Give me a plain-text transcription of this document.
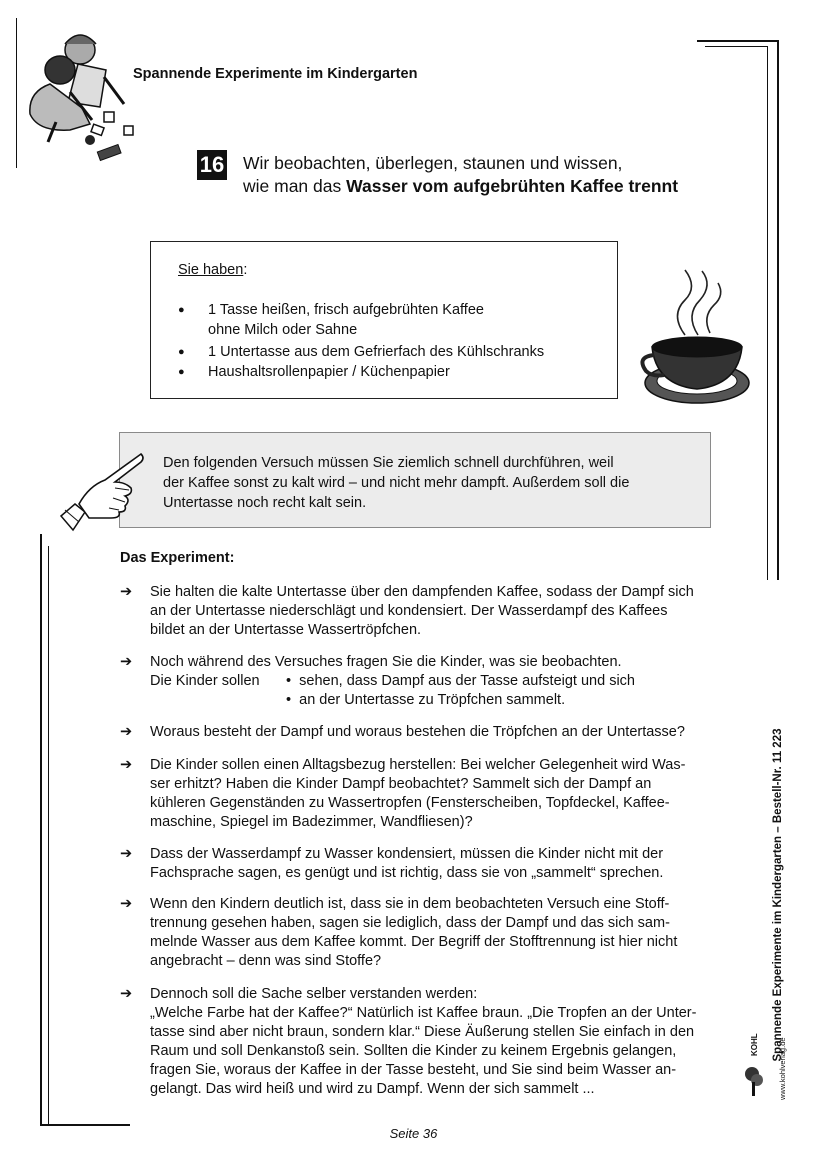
Spannende Experimente im Kindergarten
16 Wir beobachten, überlegen, staunen und wissen,
wie man das Wasser vom aufgebrühten Kaffee trennt
Sie haben:
● 1 Tasse heißen, frisch aufgebrühten Kaffee
ohne Milch oder Sahne
● 1 Untertasse aus dem Gefrierfach des Kühlschranks
● Haushaltsrollenpapier / Küchenpapier
Den folgenden Versuch müssen Sie ziemlich schnell durchführen, weil
der Kaffee sonst zu kalt wird – und nicht mehr dampft. Außerdem soll die
Untertasse noch recht kalt sein.
Das Experiment:
➔ Sie halten die kalte Untertasse über den dampfenden Kaffee, sodass der Dampf sich
an der Untertasse niederschlägt und kondensiert. Der Wasserdampf des Kaffees
bildet an der Untertasse Wassertröpfchen.
➔ Noch während des Versuches fragen Sie die Kinder, was sie beobachten.
Die Kinder sollen •  sehen, dass Dampf aus der Tasse aufsteigt und sich
•  an der Untertasse zu Tröpfchen sammelt.
➔ Woraus besteht der Dampf und woraus bestehen die Tröpfchen an der Untertasse?
➔ Die Kinder sollen einen Alltagsbezug herstellen: Bei welcher Gelegenheit wird Was-
ser erhitzt? Haben die Kinder Dampf beobachtet? Sammelt sich der Dampf an
kühleren Gegenständen zu Wassertropfen (Fensterscheiben, Topfdeckel, Kaffee-
maschine, Spiegel im Badezimmer, Wandfliesen)?
➔ Dass der Wasserdampf zu Wasser kondensiert, müssen die Kinder nicht mit der
Fachsprache sagen, es genügt und ist richtig, dass sie von „sammelt“ sprechen.
➔ Wenn den Kindern deutlich ist, dass sie in dem beobachteten Versuch eine Stoff-
trennung gesehen haben, sagen sie lediglich, dass der Dampf und das sich sam-
melnde Wasser aus dem Kaffee kommt. Der Begriff der Stofftrennung ist hier nicht
angebracht – denn was sind Stoffe?
➔ Dennoch soll die Sache selber verstanden werden:
„Welche Farbe hat der Kaffee?“ Natürlich ist Kaffee braun. „Die Tropfen an der Unter-
tasse sind aber nicht braun, sondern klar.“ Diese Äußerung stellen Sie einfach in den
Raum und soll Denkanstoß sein. Sollten die Kinder zu keinem Ergebnis gelangen,
fragen Sie, woraus der Kaffee in der Tasse besteht, und Sie sind beim Wasser an-
gelangt. Das wird heiß und wird zu Dampf. Wenn der sich sammelt ...
Spannende Experimente im Kindergarten – Bestell-Nr. 11 223
KOHL	www.kohlverlag.de
Seite 36
